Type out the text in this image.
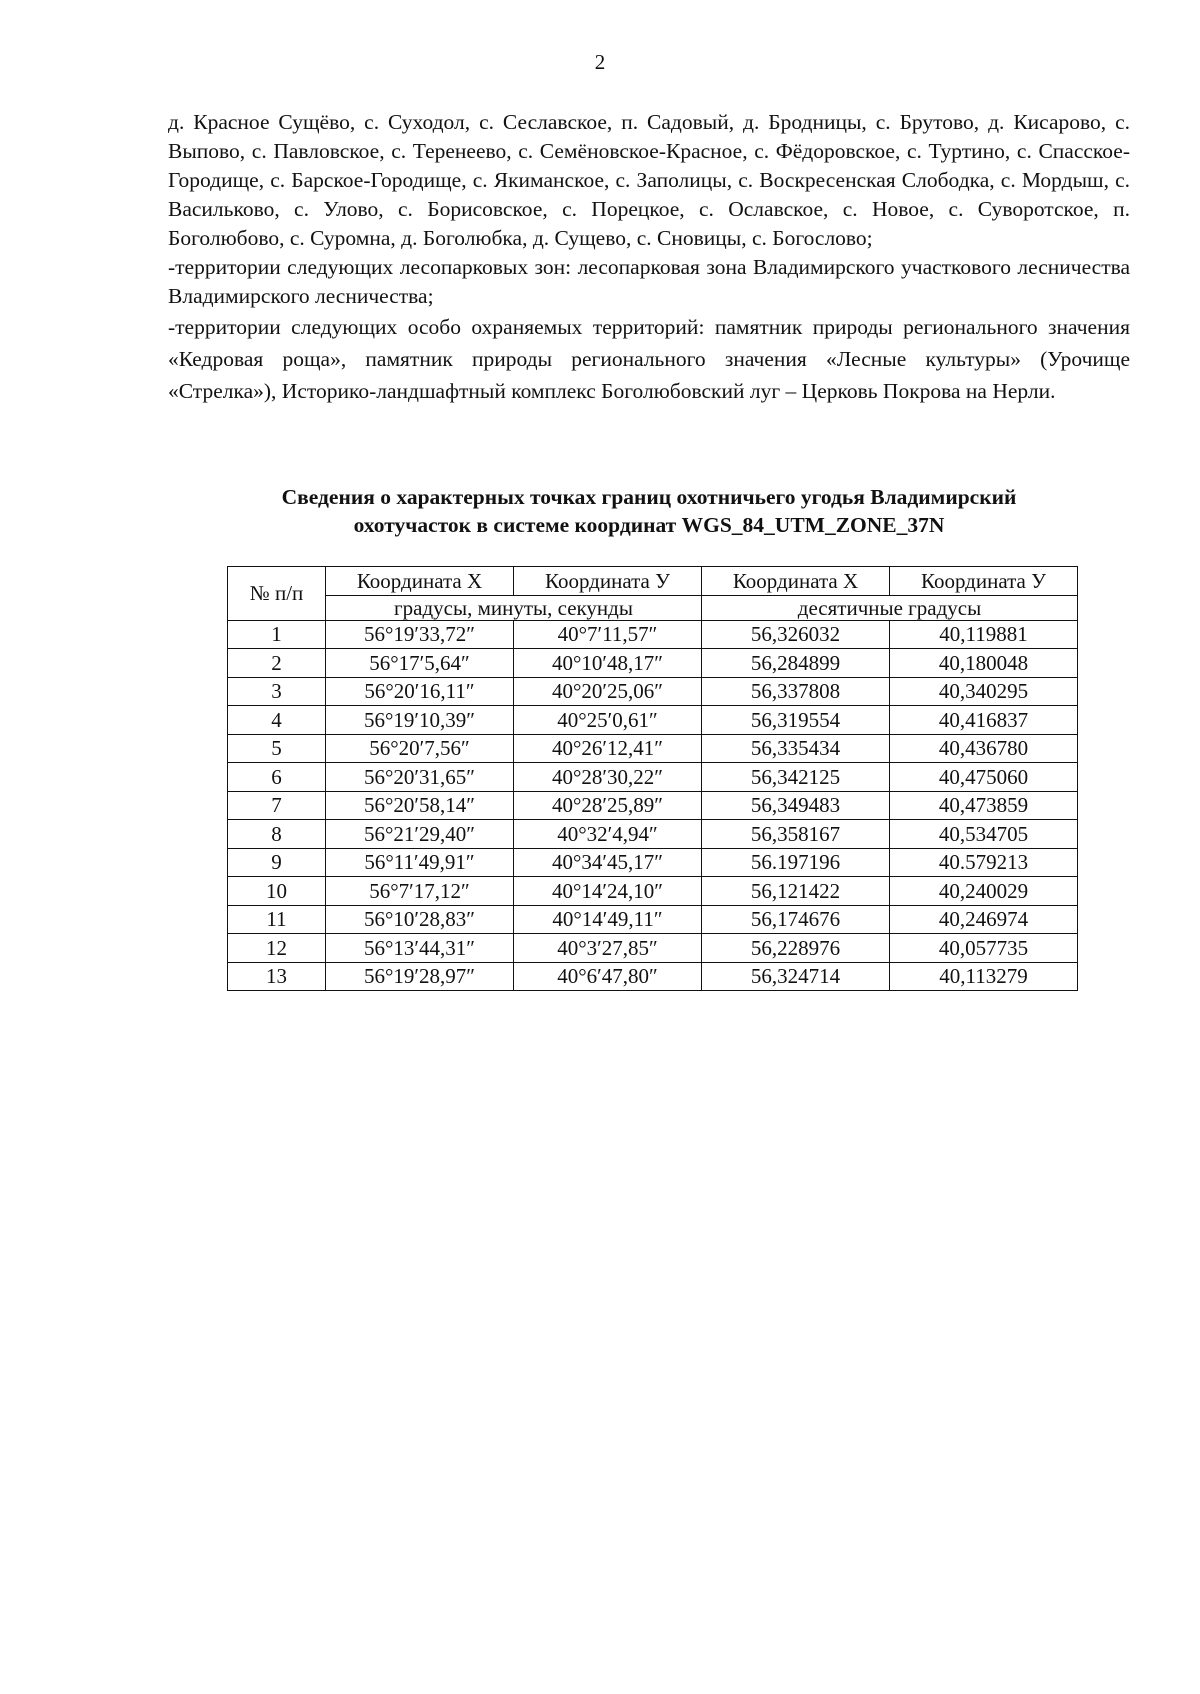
2

д. Красное Сущёво, с. Суходол, с. Сеславское, п. Садовый, д. Бродницы, с. Брутово, д. Кисарово, с. Выпово, с. Павловское, с. Теренеево, с. Семёновское-Красное, с. Фёдоровское, с. Туртино, с. Спасское-Городище, с. Барское-Городище, с. Якиманское, с. Заполицы, с. Воскресенская Слободка, с. Мордыш, с. Васильково, с. Улово, с. Борисовское, с. Порецкое, с. Ославское, с. Новое, с. Суворотское, п. Боголюбово, с. Суромна, д. Боголюбка, д. Сущево, с. Сновицы, с. Богослово;

-территории следующих лесопарковых зон: лесопарковая зона Владимирского участкового лесничества Владимирского лесничества;

-территории следующих особо охраняемых территорий: памятник природы регионального значения «Кедровая роща», памятник природы регионального значения «Лесные культуры» (Урочище «Стрелка»), Историко-ландшафтный комплекс Боголюбовский луг – Церковь Покрова на Нерли.

Сведения о характерных точках границ охотничьего угодья Владимирский
охотучасток в системе координат WGS_84_UTM_ZONE_37N
№ п/п	Координата Х	Координата У	Координата Х	Координата У
	градусы, минуты, секунды		десятичные градусы	
1	56°19′33,72″	40°7′11,57″	56,326032	40,119881
2	56°17′5,64″	40°10′48,17″	56,284899	40,180048
3	56°20′16,11″	40°20′25,06″	56,337808	40,340295
4	56°19′10,39″	40°25′0,61″	56,319554	40,416837
5	56°20′7,56″	40°26′12,41″	56,335434	40,436780
6	56°20′31,65″	40°28′30,22″	56,342125	40,475060
7	56°20′58,14″	40°28′25,89″	56,349483	40,473859
8	56°21′29,40″	40°32′4,94″	56,358167	40,534705
9	56°11′49,91″	40°34′45,17″	56.197196	40.579213
10	56°7′17,12″	40°14′24,10″	56,121422	40,240029
11	56°10′28,83″	40°14′49,11″	56,174676	40,246974
12	56°13′44,31″	40°3′27,85″	56,228976	40,057735
13	56°19′28,97″	40°6′47,80″	56,324714	40,113279
